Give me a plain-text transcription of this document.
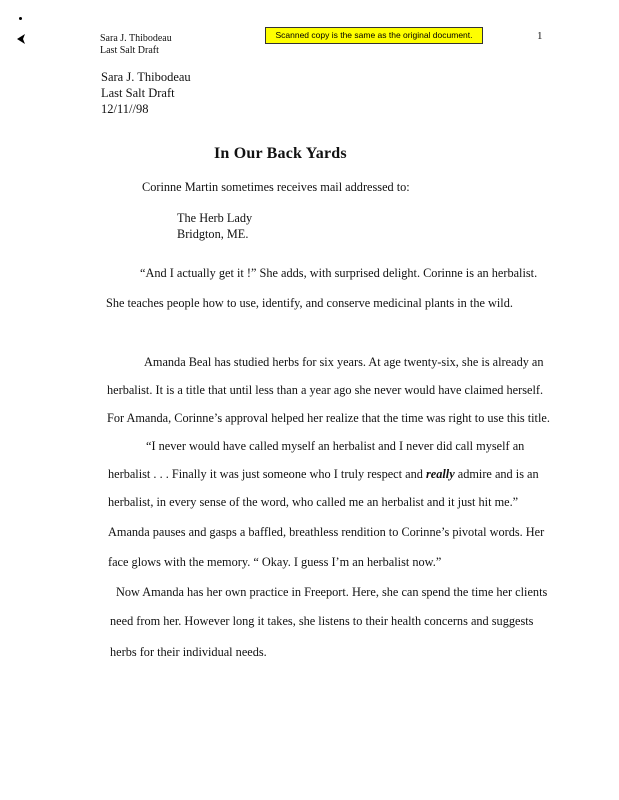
Sara J. Thibodeau
Last Salt Draft
Scanned copy is the same as the original document.	1
Sara J. Thibodeau
Last Salt Draft
12/11//98
In Our Back Yards
Corinne Martin sometimes receives mail addressed to:
The Herb Lady
Bridgton, ME.
“And I actually get it !” She adds, with surprised delight. Corinne is an herbalist.
She teaches people how to use, identify, and conserve medicinal plants in the wild.
Amanda Beal has studied herbs for six years. At age twenty-six, she is already an
herbalist. It is a title that until less than a year ago she never would have claimed herself.
For Amanda, Corinne’s approval helped her realize that the time was right to use this title.
“I never would have called myself an herbalist and I never did call myself an
herbalist . . . Finally it was just someone who I truly respect and really admire and is an
herbalist, in every sense of the word, who called me an herbalist and it just hit me.”
Amanda pauses and gasps a baffled, breathless rendition to Corinne’s pivotal words. Her
face glows with the memory. “ Okay. I guess I’m an herbalist now.”
Now Amanda has her own practice in Freeport. Here, she can spend the time her clients
need from her. However long it takes, she listens to their health concerns and suggests
herbs for their individual needs.
